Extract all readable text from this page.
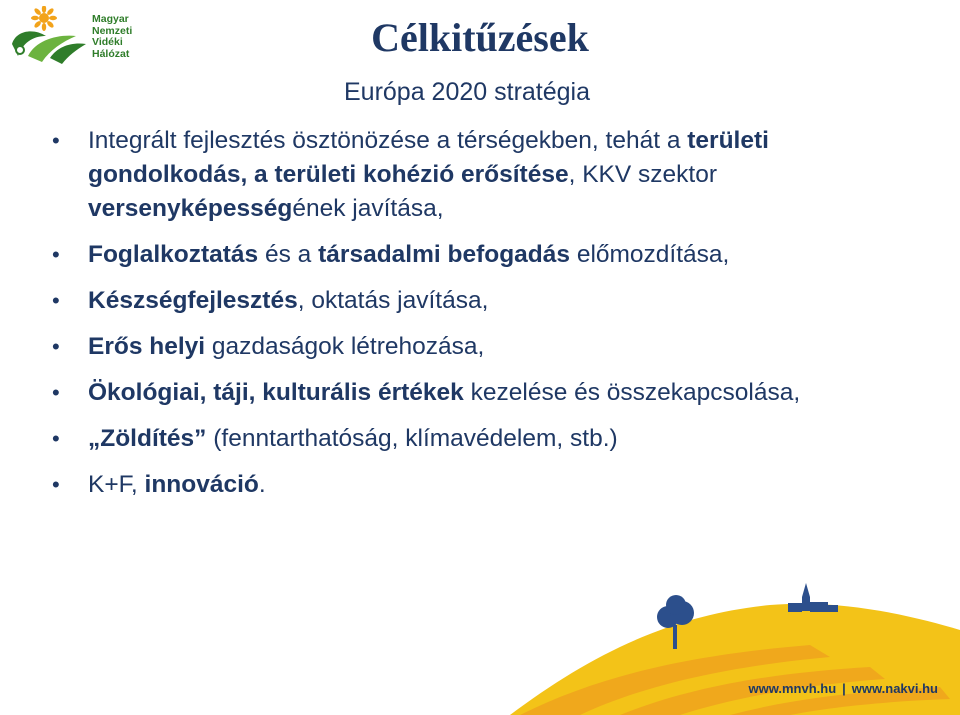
Magyar
Nemzeti
Vidéki
Hálózat	Célkitűzések
Európa 2020 stratégia
• Integrált fejlesztés ösztönözése a térségekben, tehát a területi gondolkodás, a területi kohézió erősítése, KKV szektor versenyképességének javítása,
• Foglalkoztatás és a társadalmi befogadás előmozdítása,
• Készségfejlesztés, oktatás javítása,
• Erős helyi gazdaságok létrehozása,
• Ökológiai, táji, kulturális értékek kezelése és összekapcsolása,
• „Zöldítés” (fenntarthatóság, klímavédelem, stb.)
• K+F, innováció.
www.mnvh.hu | www.nakvi.hu
